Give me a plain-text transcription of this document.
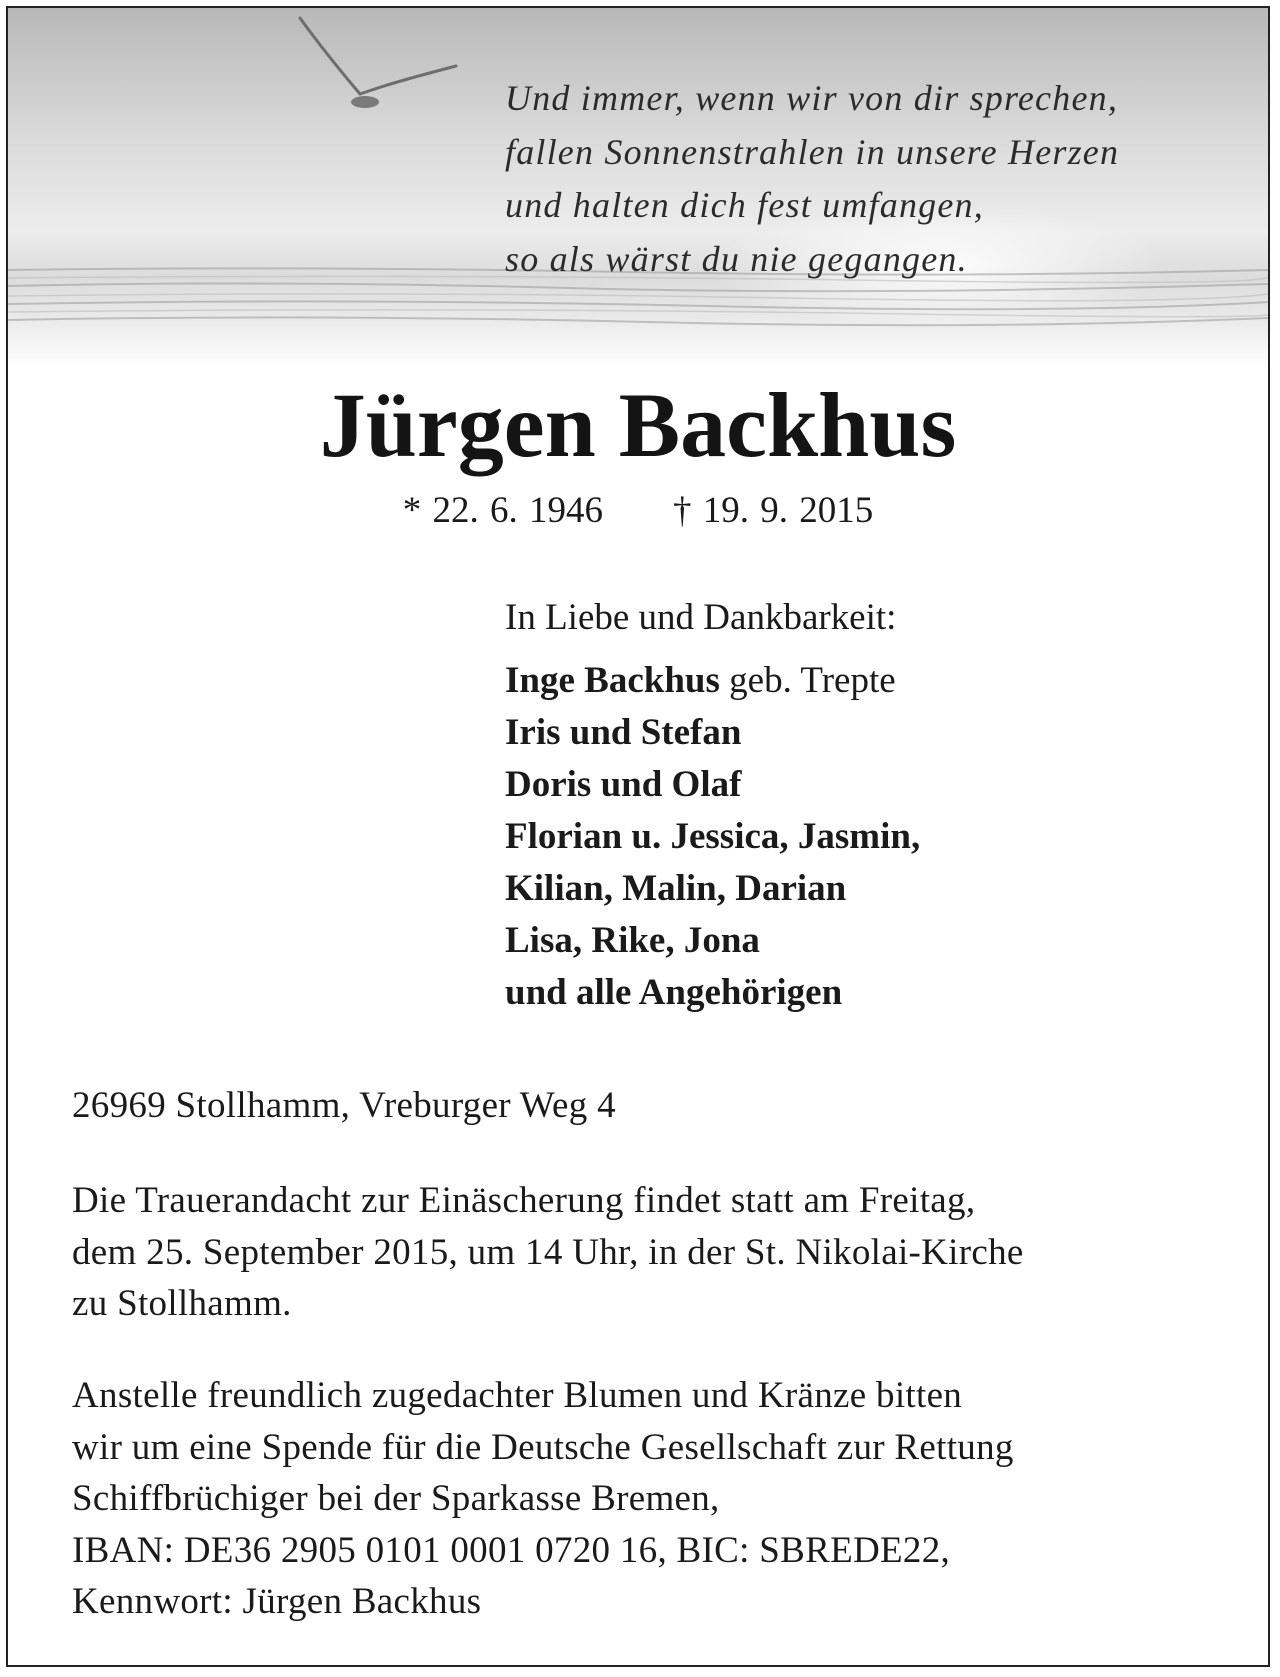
Und immer, wenn wir von dir sprechen,
fallen Sonnenstrahlen in unsere Herzen
und halten dich fest umfangen,
so als wärst du nie gegangen.
Jürgen Backhus
* 22. 6. 1946 † 19. 9. 2015
In Liebe und Dankbarkeit:
Inge Backhus geb. Trepte
Iris und Stefan
Doris und Olaf
Florian u. Jessica, Jasmin,
Kilian, Malin, Darian
Lisa, Rike, Jona
und alle Angehörigen
26969 Stollhamm, Vreburger Weg 4
Die Trauerandacht zur Einäscherung findet statt am Freitag,
dem 25. September 2015, um 14 Uhr, in der St. Nikolai-Kirche
zu Stollhamm.
Anstelle freundlich zugedachter Blumen und Kränze bitten
wir um eine Spende für die Deutsche Gesellschaft zur Rettung
Schiffbrüchiger bei der Sparkasse Bremen,
IBAN: DE36 2905 0101 0001 0720 16, BIC: SBREDE22,
Kennwort: Jürgen Backhus
